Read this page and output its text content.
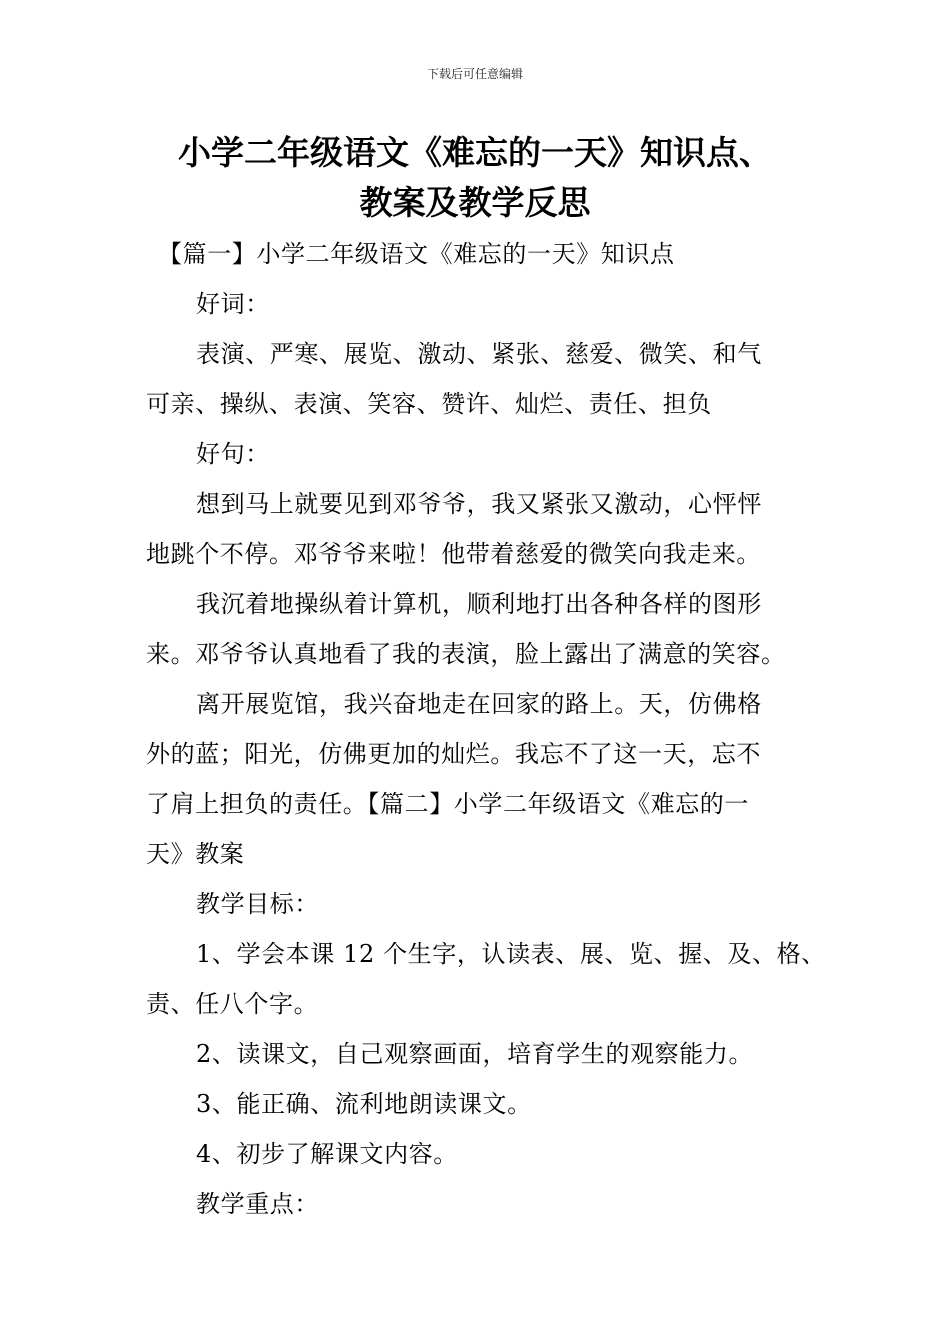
下载后可任意编辑
小学二年级语文《难忘的一天》知识点、
教案及教学反思

【篇一】小学二年级语文《难忘的一天》知识点

好词：

表演、严寒、展览、激动、紧张、慈爱、微笑、和气

可亲、操纵、表演、笑容、赞许、灿烂、责任、担负

好句：

想到马上就要见到邓爷爷，我又紧张又激动，心怦怦

地跳个不停。邓爷爷来啦！他带着慈爱的微笑向我走来。

我沉着地操纵着计算机，顺利地打出各种各样的图形

来。邓爷爷认真地看了我的表演，脸上露出了满意的笑容。

离开展览馆，我兴奋地走在回家的路上。天，仿佛格

外的蓝；阳光，仿佛更加的灿烂。我忘不了这一天，忘不

了肩上担负的责任。【篇二】小学二年级语文《难忘的一

天》教案

教学目标：

1、学会本课 12 个生字，认读表、展、览、握、及、格、

责、任八个字。

2、读课文，自己观察画面，培育学生的观察能力。

3、能正确、流利地朗读课文。

4、初步了解课文内容。

教学重点：
